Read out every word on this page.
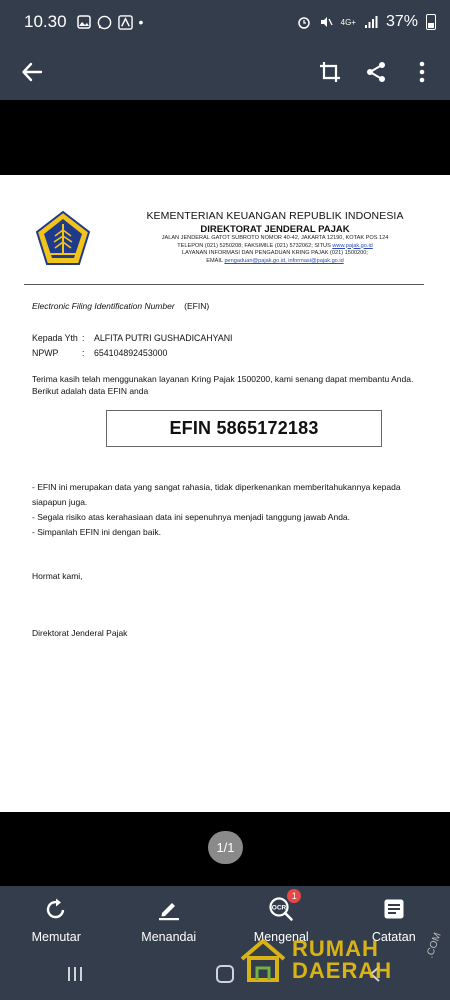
10.30	•	4G+ 37%
KEMENTERIAN KEUANGAN REPUBLIK INDONESIA
DIREKTORAT JENDERAL PAJAK
JALAN JENDERAL GATOT SUBROTO NOMOR 40-42, JAKARTA 12190, KOTAK POS 124
TELEPON (021) 5250208; FAKSIMILE (021) 5732062; SITUS www.pajak.go.id
LAYANAN INFORMASI DAN PENGADUAN KRING PAJAK (021) 1500200;
EMAIL pengaduan@pajak.go.id, informasi@pajak.go.id
Electronic Filing Identification Number (EFIN)
Kepada Yth :	ALFITA PUTRI GUSHADICAHYANI
NPWP	:	654104892453000
Terima kasih telah menggunakan layanan Kring Pajak 1500200, kami senang dapat membantu Anda. Berikut adalah data EFIN anda
EFIN 5865172183
- EFIN ini merupakan data yang sangat rahasia, tidak diperkenankan memberitahukannya kepada siapapun juga.
- Segala risiko atas kerahasiaan data ini sepenuhnya menjadi tanggung jawab Anda.
- Simpanlah EFIN ini dengan baik.
Hormat kami,
Direktorat Jenderal Pajak
1/1
Memutar	Menandai
OCR
1
Mengenal	Catatan
RUMAH
DAERAH
.COM
